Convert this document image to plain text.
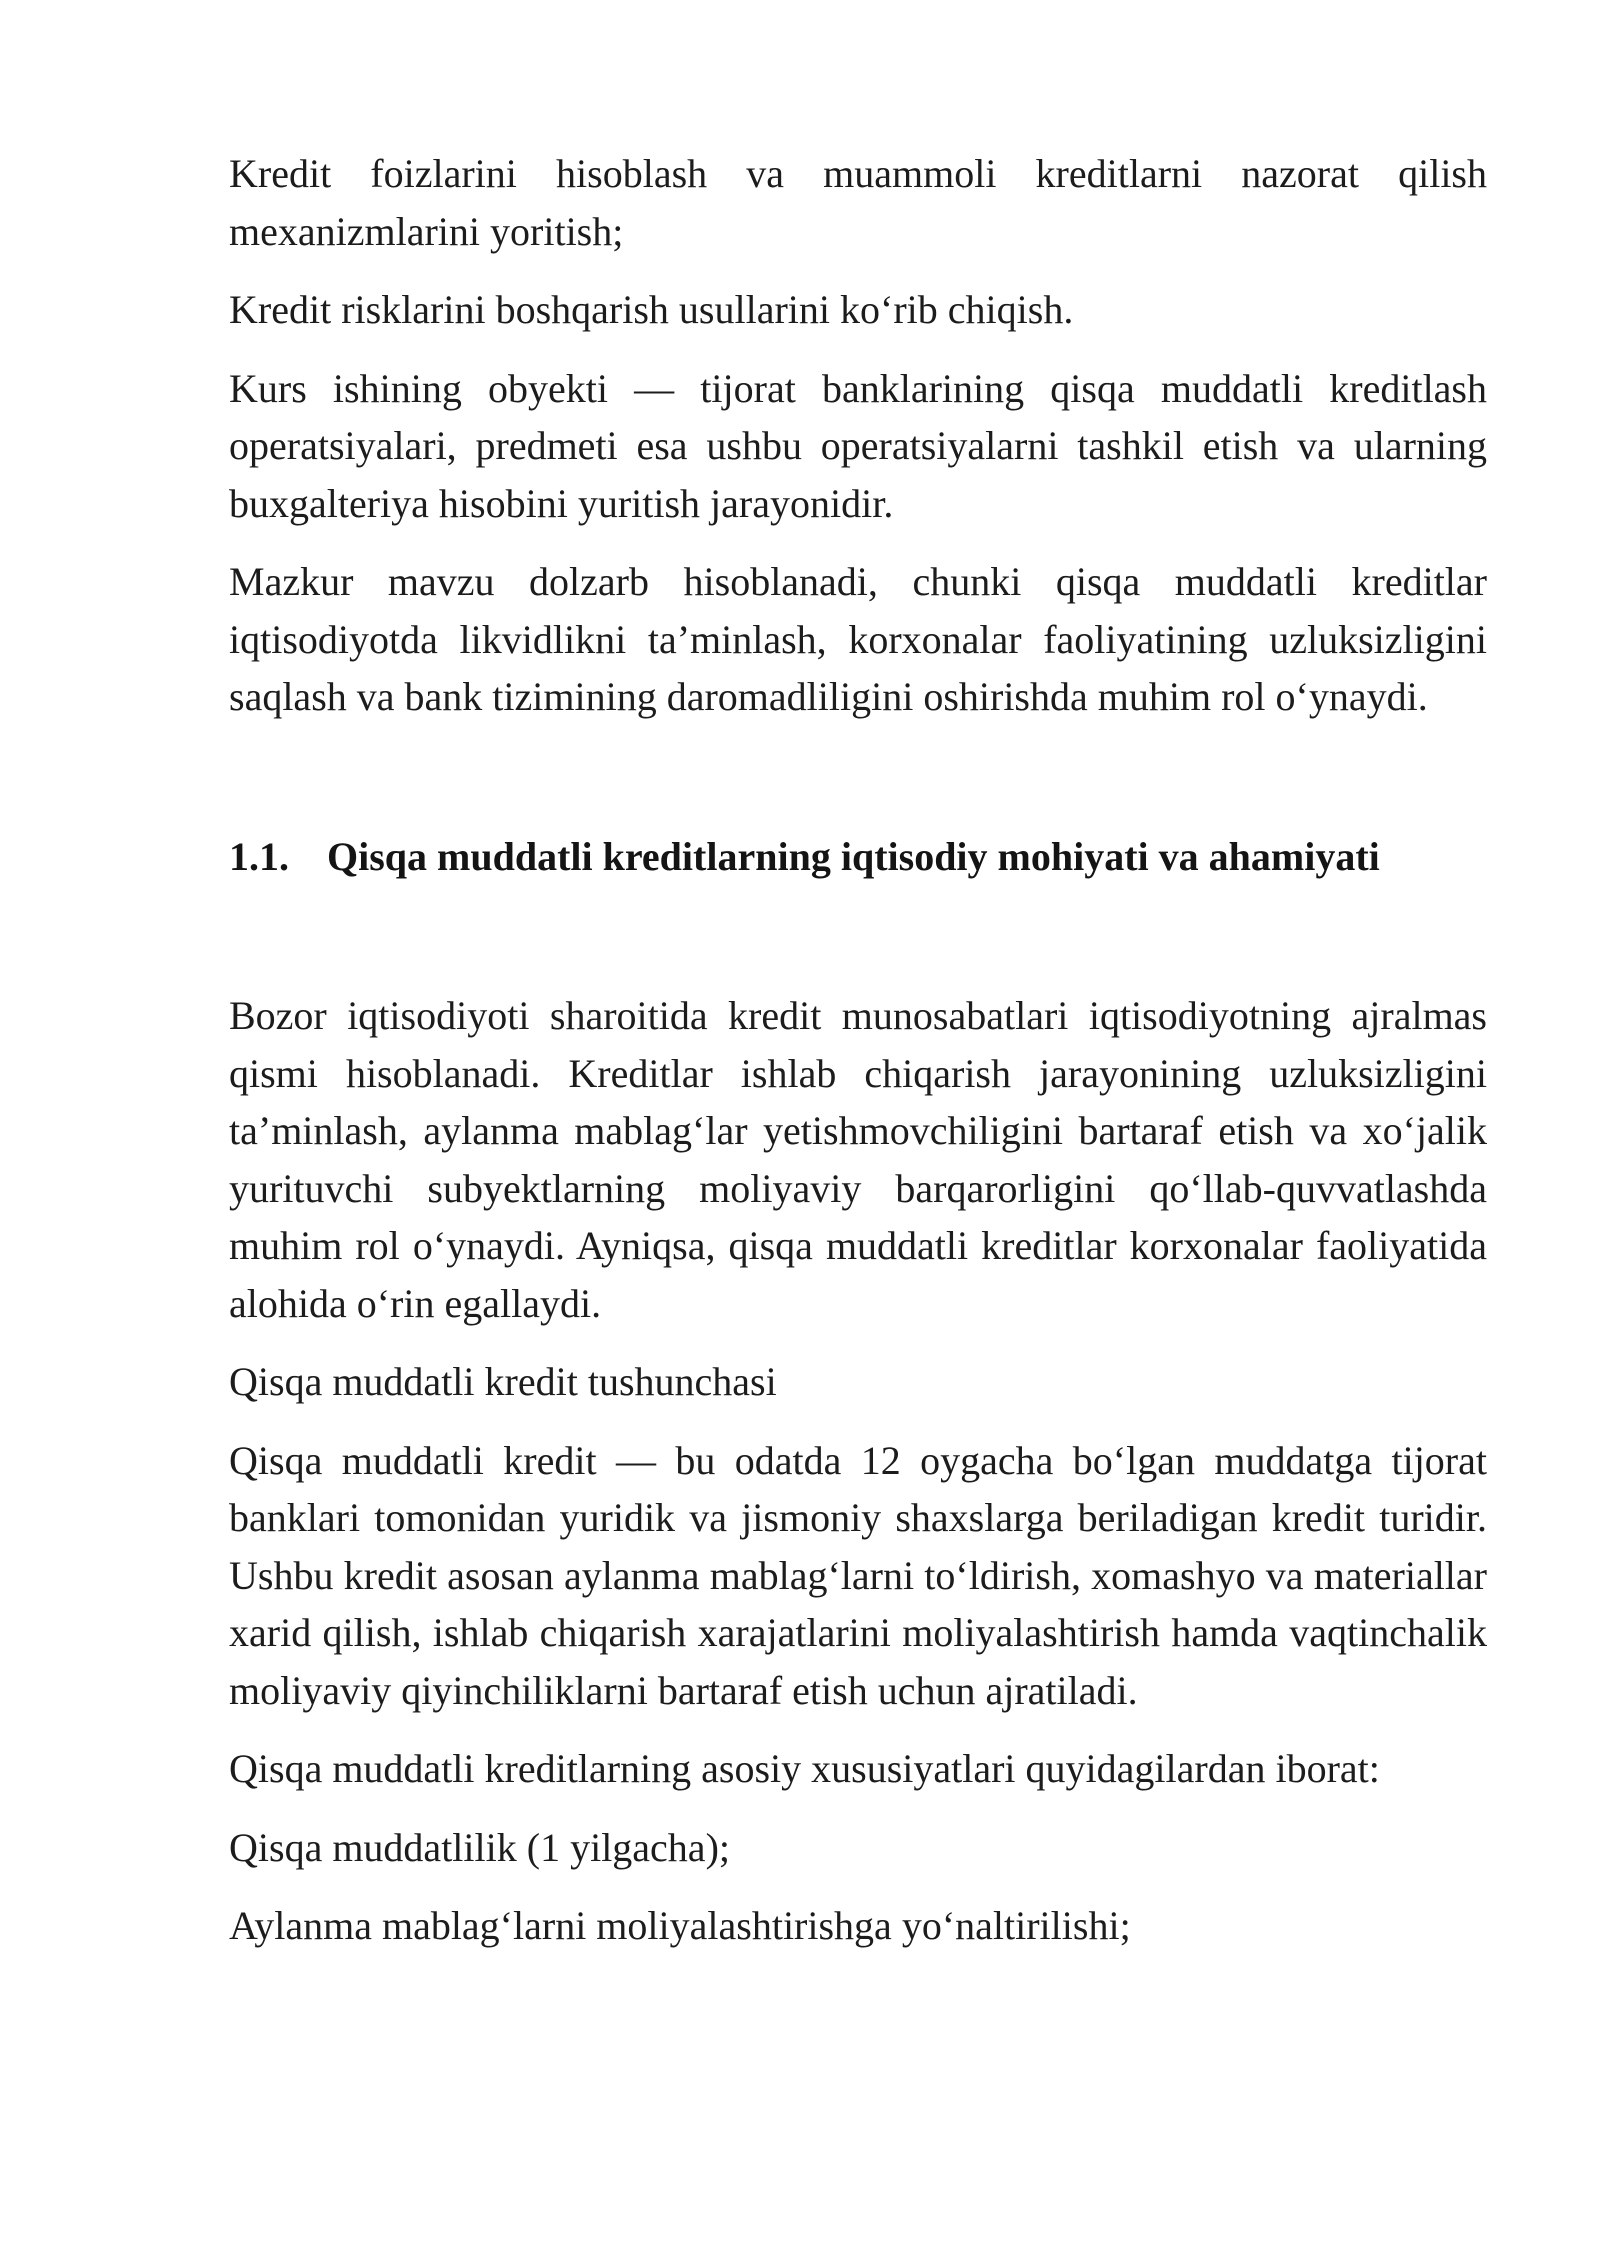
Kredit foizlarini hisoblash va muammoli kreditlarni nazorat qilish mexanizmlarini yoritish;

Kredit risklarini boshqarish usullarini ko‘rib chiqish.

Kurs ishining obyekti — tijorat banklarining qisqa muddatli kreditlash operatsiyalari, predmeti esa ushbu operatsiyalarni tashkil etish va ularning buxgalteriya hisobini yuritish jarayonidir.

Mazkur mavzu dolzarb hisoblanadi, chunki qisqa muddatli kreditlar iqtisodiyotda likvidlikni ta’minlash, korxonalar faoliyatining uzluksizligini saqlash va bank tizimining daromadliligini oshirishda muhim rol o‘ynaydi.

1.1. Qisqa muddatli kreditlarning iqtisodiy mohiyati va ahamiyati

Bozor iqtisodiyoti sharoitida kredit munosabatlari iqtisodiyotning ajralmas qismi hisoblanadi. Kreditlar ishlab chiqarish jarayonining uzluksizligini ta’minlash, aylanma mablag‘lar yetishmovchiligini bartaraf etish va xo‘jalik yurituvchi subyektlarning moliyaviy barqarorligini qo‘llab-quvvatlashda muhim rol o‘ynaydi. Ayniqsa, qisqa muddatli kreditlar korxonalar faoliyatida alohida o‘rin egallaydi.

Qisqa muddatli kredit tushunchasi

Qisqa muddatli kredit — bu odatda 12 oygacha bo‘lgan muddatga tijorat banklari tomonidan yuridik va jismoniy shaxslarga beriladigan kredit turidir. Ushbu kredit asosan aylanma mablag‘larni to‘ldirish, xomashyo va materiallar xarid qilish, ishlab chiqarish xarajatlarini moliyalashtirish hamda vaqtinchalik moliyaviy qiyinchiliklarni bartaraf etish uchun ajratiladi.

Qisqa muddatli kreditlarning asosiy xususiyatlari quyidagilardan iborat:

Qisqa muddatlilik (1 yilgacha);

Aylanma mablag‘larni moliyalashtirishga yo‘naltirilishi;
